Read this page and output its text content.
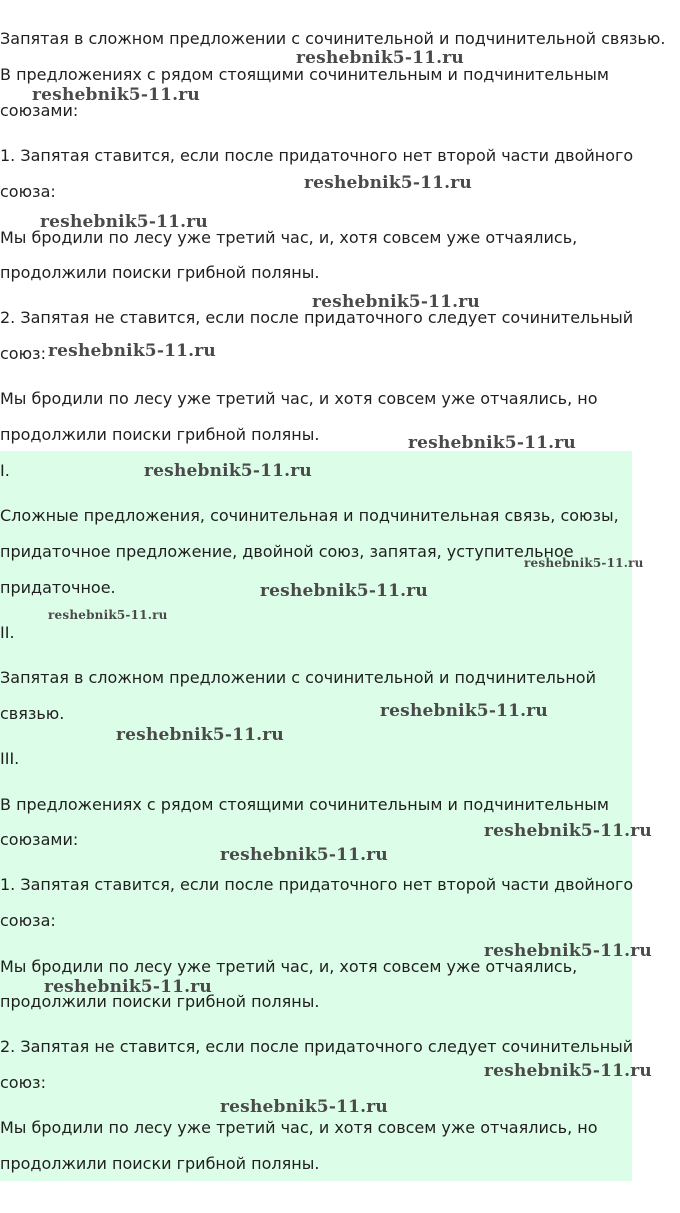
Запятая в сложном предложении с сочинительной и подчинительной связью.
В предложениях с рядом стоящими сочинительным и подчинительным
союзами:
1. Запятая ставится, если после придаточного нет второй части двойного
союза:
Мы бродили по лесу уже третий час, и, хотя совсем уже отчаялись,
продолжили поиски грибной поляны.
2. Запятая не ставится, если после придаточного следует сочинительный
союз:
Мы бродили по лесу уже третий час, и хотя совсем уже отчаялись, но
продолжили поиски грибной поляны.
I.
Сложные предложения, сочинительная и подчинительная связь, союзы,
придаточное предложение, двойной союз, запятая, уступительное
придаточное.
II.
Запятая в сложном предложении с сочинительной и подчинительной
связью.
III.
В предложениях с рядом стоящими сочинительным и подчинительным
союзами:
1. Запятая ставится, если после придаточного нет второй части двойного
союза:
Мы бродили по лесу уже третий час, и, хотя совсем уже отчаялись,
продолжили поиски грибной поляны.
2. Запятая не ставится, если после придаточного следует сочинительный
союз:
Мы бродили по лесу уже третий час, и хотя совсем уже отчаялись, но
продолжили поиски грибной поляны.
reshebnik5-11.ru
reshebnik5-11.ru
reshebnik5-11.ru
reshebnik5-11.ru
reshebnik5-11.ru
reshebnik5-11.ru
reshebnik5-11.ru
reshebnik5-11.ru
reshebnik5-11.ru
reshebnik5-11.ru
reshebnik5-11.ru
reshebnik5-11.ru
reshebnik5-11.ru
reshebnik5-11.ru
reshebnik5-11.ru
reshebnik5-11.ru
reshebnik5-11.ru
reshebnik5-11.ru
reshebnik5-11.ru
